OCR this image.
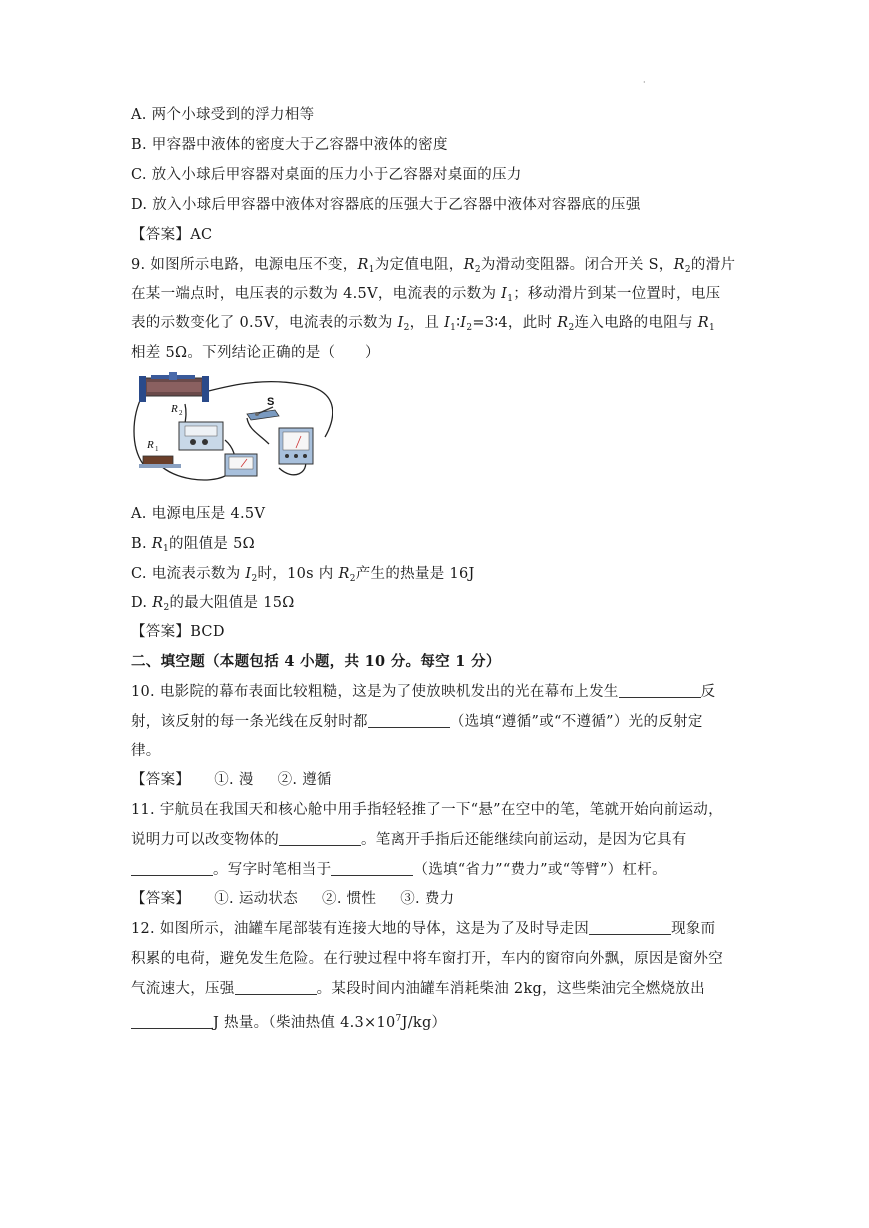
·
A. 两个小球受到的浮力相等
B. 甲容器中液体的密度大于乙容器中液体的密度
C. 放入小球后甲容器对桌面的压力小于乙容器对桌面的压力
D. 放入小球后甲容器中液体对容器底的压强大于乙容器中液体对容器底的压强
【答案】AC
9. 如图所示电路，电源电压不变，$R_1$为定值电阻，$R_2$为滑动变阻器。闭合开关 S，$R_2$的滑片
在某一端点时，电压表的示数为 4.5V，电流表的示数为 $I_1$；移动滑片到某一位置时，电压
表的示数变化了 0.5V，电流表的示数为 $I_2$，且 $I_1∶I_2=3∶4$，此时 $R_2$连入电路的电阻与 $R_1$
相差 5Ω。下列结论正确的是（　　）
R 2
S
R 1
A. 电源电压是 4.5V
B. $R_1$的阻值是 5Ω
C. 电流表示数为 $I_2$时，10s 内 $R_2$产生的热量是 16J
D. $R_2$的最大阻值是 15Ω
【答案】BCD
二、填空题（本题包括 4 小题，共 10 分。每空 1 分）
10. 电影院的幕布表面比较粗糙，这是为了使放映机发出的光在幕布上发生	反
射，该反射的每一条光线在反射时都	（选填“遵循”或“不遵循”）光的反射定
律。
【答案】 ①. 漫 ②. 遵循
11. 宇航员在我国天和核心舱中用手指轻轻推了一下“悬”在空中的笔，笔就开始向前运动，
说明力可以改变物体的	。笔离开手指后还能继续向前运动，是因为它具有
。写字时笔相当于	（选填“省力”“费力”或“等臂”）杠杆。
【答案】 ①. 运动状态 ②. 惯性 ③. 费力
12. 如图所示，油罐车尾部装有连接大地的导体，这是为了及时导走因	现象而
积累的电荷，避免发生危险。在行驶过程中将车窗打开，车内的窗帘向外飘，原因是窗外空
气流速大，压强	。某段时间内油罐车消耗柴油 2kg，这些柴油完全燃烧放出
J 热量。（柴油热值 $4.3\times 10^7J/kg$）
